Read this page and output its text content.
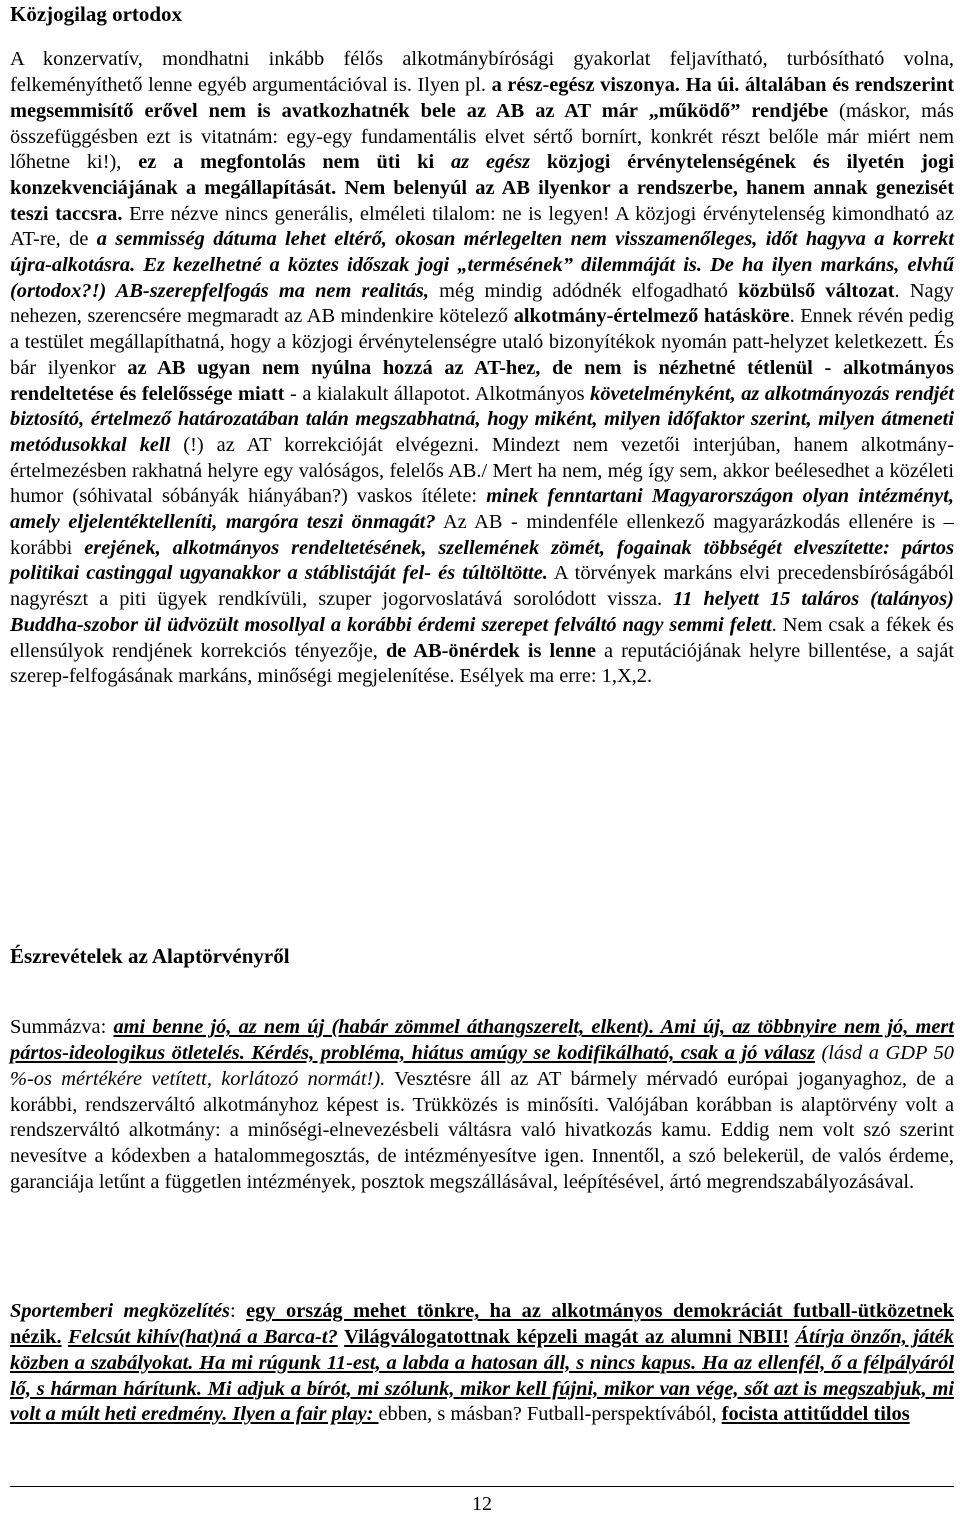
Közjogilag ortodox

A konzervatív, mondhatni inkább félős alkotmánybírósági gyakorlat feljavítható, turbósítható volna, felkeményíthető lenne egyéb argumentációval is. Ilyen pl. a rész-egész viszonya. Ha úi. általában és rendszerint megsemmisítő erővel nem is avatkozhatnék bele az AB az AT már „működő” rendjébe (máskor, más összefüggésben ezt is vitatnám: egy-egy fundamentális elvet sértő bornírt, konkrét részt belőle már miért nem lőhetne ki!), ez a megfontolás nem üti ki az egész közjogi érvénytelenségének és ilyetén jogi konzekvenciájának a megállapítását. Nem belenyúl az AB ilyenkor a rendszerbe, hanem annak genezisét teszi taccsra. Erre nézve nincs generális, elméleti tilalom: ne is legyen! A közjogi érvénytelenség kimondható az AT-re, de a semmisség dátuma lehet eltérő, okosan mérlegelten nem visszamenőleges, időt hagyva a korrekt újra-alkotásra. Ez kezelhetné a köztes időszak jogi „termésének” dilemmáját is. De ha ilyen markáns, elvhű (ortodox?!) AB-szerepfelfogás ma nem realitás, még mindig adódnék elfogadható közbülső változat. Nagy nehezen, szerencsére megmaradt az AB mindenkire kötelező alkotmány-értelmező hatásköre. Ennek révén pedig a testület megállapíthatná, hogy a közjogi érvénytelenségre utaló bizonyítékok nyomán patt-helyzet keletkezett. És bár ilyenkor az AB ugyan nem nyúlna hozzá az AT-hez, de nem is nézhetné tétlenül - alkotmányos rendeltetése és felelőssége miatt - a kialakult állapotot. Alkotmányos követelményként, az alkotmányozás rendjét biztosító, értelmező határozatában talán megszabhatná, hogy miként, milyen időfaktor szerint, milyen átmeneti metódusokkal kell (!) az AT korrekcióját elvégezni. Mindezt nem vezetői interjúban, hanem alkotmányértelmezésben rakhatná helyre egy valóságos, felelős AB./ Mert ha nem, még így sem, akkor beélesedhet a közéleti humor (sóhivatal sóbányák hiányában?) vaskos ítélete: minek fenntartani Magyarországon olyan intézményt, amely eljelentéktelleníti, margóra teszi önmagát? Az AB - mindenféle ellenkező magyarázkodás ellenére is – korábbi erejének, alkotmányos rendeltetésének, szellemének zömét, fogainak többségét elveszítette: pártos politikai castinggal ugyanakkor a stáblistáját fel- és túltöltötte. A törvények markáns elvi precedensbíróságából nagyrészt a piti ügyek rendkívüli, szuper jogorvoslatává sorolódott vissza. 11 helyett 15 taláros (talányos) Buddha-szobor ül üdvözült mosollyal a korábbi érdemi szerepet felváltó nagy semmi felett. Nem csak a fékek és ellensúlyok rendjének korrekciós tényezője, de AB-önérdek is lenne a reputációjának helyre billentése, a saját szerep-felfogásának markáns, minőségi megjelenítése. Esélyek ma erre: 1,X,2.

Észrevételek az Alaptörvényről

Summázva: ami benne jó, az nem új (habár zömmel áthangszerelt, elkent). Ami új, az többnyire nem jó, mert pártos-ideologikus ötletelés. Kérdés, probléma, hiátus amúgy se kodifikálható, csak a jó válasz (lásd a GDP 50 %-os mértékére vetített, korlátozó normát!). Vesztésre áll az AT bármely mérvadó európai joganyaghoz, de a korábbi, rendszerváltó alkotmányhoz képest is. Trükközés is minősíti. Valójában korábban is alaptörvény volt a rendszerváltó alkotmány: a minőségi-elnevezésbeli váltásra való hivatkozás kamu. Eddig nem volt szó szerint nevesítve a kódexben a hatalommegosztás, de intézményesítve igen. Innentől, a szó belekerül, de valós érdeme, garanciája letűnt a független intézmények, posztok megszállásával, leépítésével, ártó megrendszabályozásával.

Sportemberi megközelítés: egy ország mehet tönkre, ha az alkotmányos demokráciát futball-ütközetnek nézik. Felcsút kihív(hat)ná a Barca-t? Világválogatottnak képzeli magát az alumni NBII! Átírja önzőn, játék közben a szabályokat. Ha mi rúgunk 11-est, a labda a hatosan áll, s nincs kapus. Ha az ellenfél, ő a félpályáról lő, s hárman hárítunk. Mi adjuk a bírót, mi szólunk, mikor kell fújni, mikor van vége, sőt azt is megszabjuk, mi volt a múlt heti eredmény. Ilyen a fair play: ebben, s másban? Futball-perspektívából, focista attitűddel tilos

12
